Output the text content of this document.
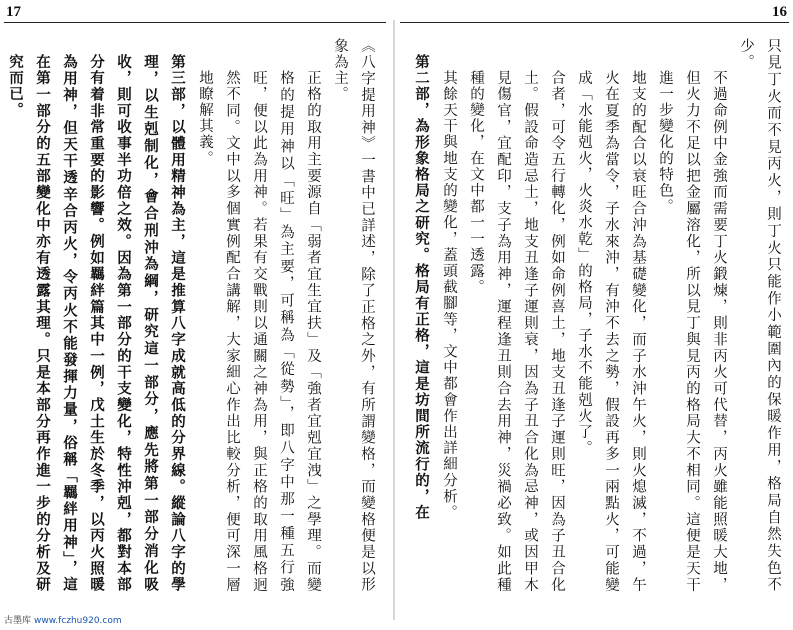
17	16
只見丁火而不見丙火，則丁火只能作小範圍內的保暖作用，格局自然失色不少。
不過命例中金強而需要丁火鍛煉，則非丙火可代替，丙火雖能照暖大地，但火力不足以把金屬溶化，所以見丁與見丙的格局大不相同。這便是天干進一步變化的特色。
地支的配合以衰旺合沖為基礎變化，而子水沖午火，則火熄滅，不過，午火在夏季為當令，子水來沖，有沖不去之勢，假設再多一兩點火，可能變成「水能剋火，火炎水乾」的格局，子水不能剋火了。
合者，可令五行轉化，例如命例喜土，地支丑逢子運則旺，因為子丑合化土。假設命造忌土，地支丑逢子運則衰，因為子丑合化為忌神，或因甲木見傷官，宜配印，支子為用神，運程逢丑則合去用神，災禍必致。如此種種的變化，在文中都一一透露。
其餘天干與地支的變化，蓋頭截腳等，文中都會作出詳細分析。
第二部，為形象格局之研究。格局有正格，這是坊間所流行的，在
《八字提用神》一書中已詳述，除了正格之外，有所謂變格，而變格便是以形象為主。
正格的取用主要源自「弱者宜生宜扶」及「強者宜剋宜洩」之學理。而變格的提用神以「旺」為主要，可稱為「從勢」，即八字中那一種五行強旺，便以此為用神。若果有交戰則以通關之神為用，與正格的取用風格迥然不同。文中以多個實例配合講解，大家細心作出比較分析，便可深一層地瞭解其義。
第三部，以體用精神為主，這是推算八字成就高低的分界線。縱論八字的學理，以生剋制化，會合刑沖為綱，研究這一部分，應先將第一部分消化吸收，則可收事半功倍之效。因為第一部分的干支變化，特性沖剋，都對本部分有着非常重要的影響。例如羈絆篇其中一例，戊土生於冬季，以丙火照暖為用神，但天干透辛合丙火，令丙火不能發揮力量，俗稱「羈絆用神」，這在第一部分的五部變化中亦有透露其理。只是本部分再作進一步的分析及研究而已。
古墨库 www.fczhu920.com
